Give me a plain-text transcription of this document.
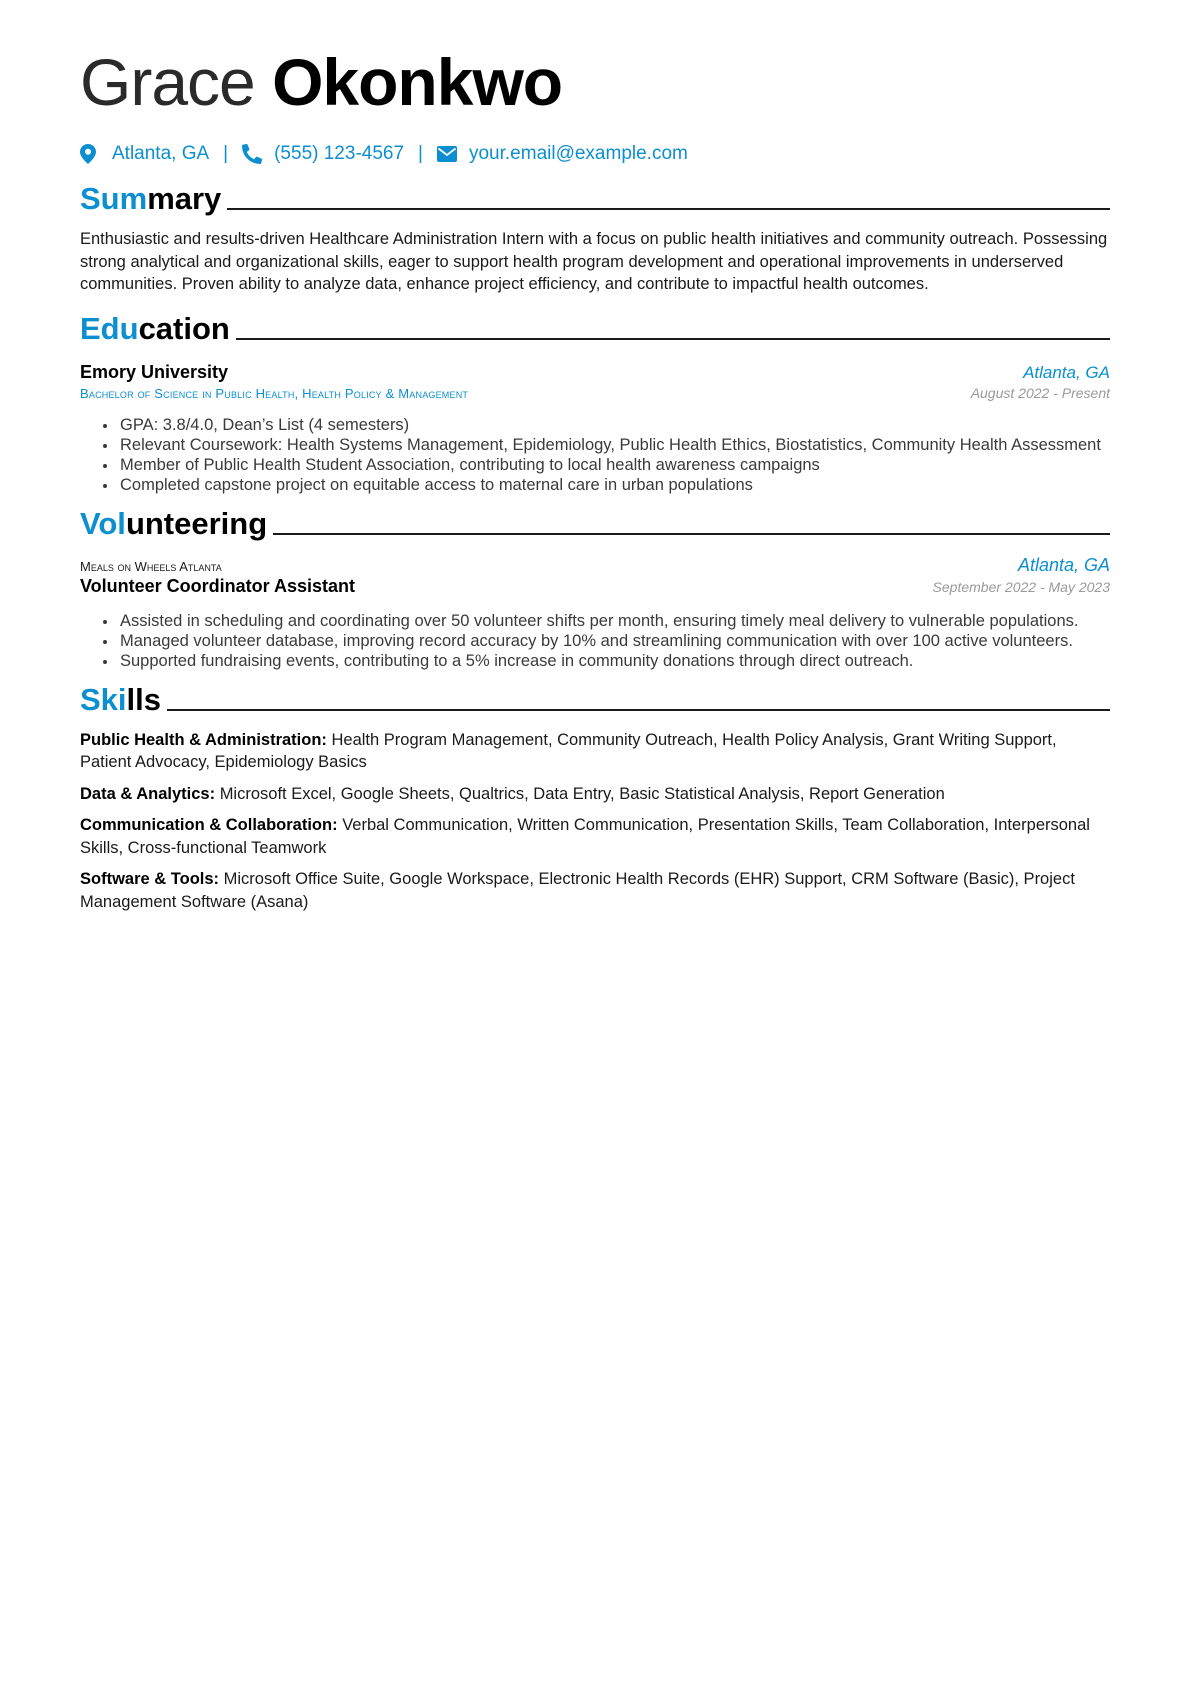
Grace Okonkwo
Atlanta, GA | (555) 123-4567 | your.email@example.com
Summary

Enthusiastic and results-driven Healthcare Administration Intern with a focus on public health initiatives and community outreach. Possessing strong analytical and organizational skills, eager to support health program development and operational improvements in underserved communities. Proven ability to analyze data, enhance project efficiency, and contribute to impactful health outcomes.

Education
Emory University	Atlanta, GA
Bachelor of Science in Public Health, Health Policy & Management	August 2022 - Present
• GPA: 3.8/4.0, Dean’s List (4 semesters)
• Relevant Coursework: Health Systems Management, Epidemiology, Public Health Ethics, Biostatistics, Community Health Assessment
• Member of Public Health Student Association, contributing to local health awareness campaigns
• Completed capstone project on equitable access to maternal care in urban populations
Volunteering
Meals on Wheels Atlanta	Atlanta, GA
Volunteer Coordinator Assistant	September 2022 - May 2023
• Assisted in scheduling and coordinating over 50 volunteer shifts per month, ensuring timely meal delivery to vulnerable populations.
• Managed volunteer database, improving record accuracy by 10% and streamlining communication with over 100 active volunteers.
• Supported fundraising events, contributing to a 5% increase in community donations through direct outreach.
Skills

Public Health & Administration: Health Program Management, Community Outreach, Health Policy Analysis, Grant Writing Support, Patient Advocacy, Epidemiology Basics

Data & Analytics: Microsoft Excel, Google Sheets, Qualtrics, Data Entry, Basic Statistical Analysis, Report Generation

Communication & Collaboration: Verbal Communication, Written Communication, Presentation Skills, Team Collaboration, Interpersonal Skills, Cross-functional Teamwork

Software & Tools: Microsoft Office Suite, Google Workspace, Electronic Health Records (EHR) Support, CRM Software (Basic), Project Management Software (Asana)
